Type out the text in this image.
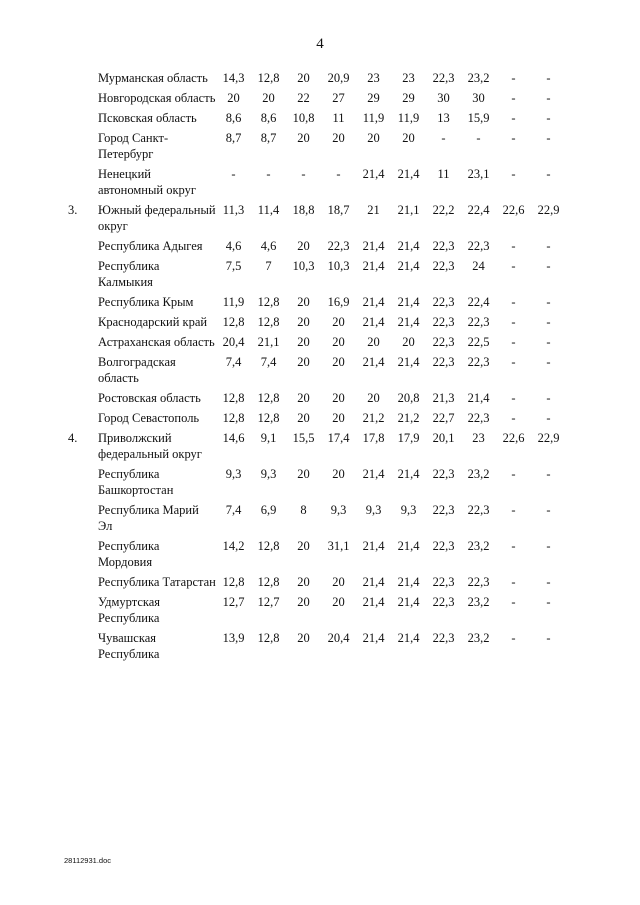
4
	Мурманская область	14,3	12,8	20	20,9	23	23	22,3	23,2	-	-
	Новгородская область	20	20	22	27	29	29	30	30	-	-
	Псковская область	8,6	8,6	10,8	11	11,9	11,9	13	15,9	-	-
	Город Санкт-Петербург	8,7	8,7	20	20	20	20	-	-	-	-
	Ненецкий автономный округ	-	-	-	-	21,4	21,4	11	23,1	-	-
3.	Южный федеральный округ	11,3	11,4	18,8	18,7	21	21,1	22,2	22,4	22,6	22,9
	Республика Адыгея	4,6	4,6	20	22,3	21,4	21,4	22,3	22,3	-	-
	Республика Калмыкия	7,5	7	10,3	10,3	21,4	21,4	22,3	24	-	-
	Республика Крым	11,9	12,8	20	16,9	21,4	21,4	22,3	22,4	-	-
	Краснодарский край	12,8	12,8	20	20	21,4	21,4	22,3	22,3	-	-
	Астраханская область	20,4	21,1	20	20	20	20	22,3	22,5	-	-
	Волгоградская область	7,4	7,4	20	20	21,4	21,4	22,3	22,3	-	-
	Ростовская область	12,8	12,8	20	20	20	20,8	21,3	21,4	-	-
	Город Севастополь	12,8	12,8	20	20	21,2	21,2	22,7	22,3	-	-
4.	Приволжский федеральный округ	14,6	9,1	15,5	17,4	17,8	17,9	20,1	23	22,6	22,9
	Республика Башкортостан	9,3	9,3	20	20	21,4	21,4	22,3	23,2	-	-
	Республика Марий Эл	7,4	6,9	8	9,3	9,3	9,3	22,3	22,3	-	-
	Республика Мордовия	14,2	12,8	20	31,1	21,4	21,4	22,3	23,2	-	-
	Республика Татарстан	12,8	12,8	20	20	21,4	21,4	22,3	22,3	-	-
	Удмуртская Республика	12,7	12,7	20	20	21,4	21,4	22,3	23,2	-	-
	Чувашская Республика	13,9	12,8	20	20,4	21,4	21,4	22,3	23,2	-	-
28112931.doc
